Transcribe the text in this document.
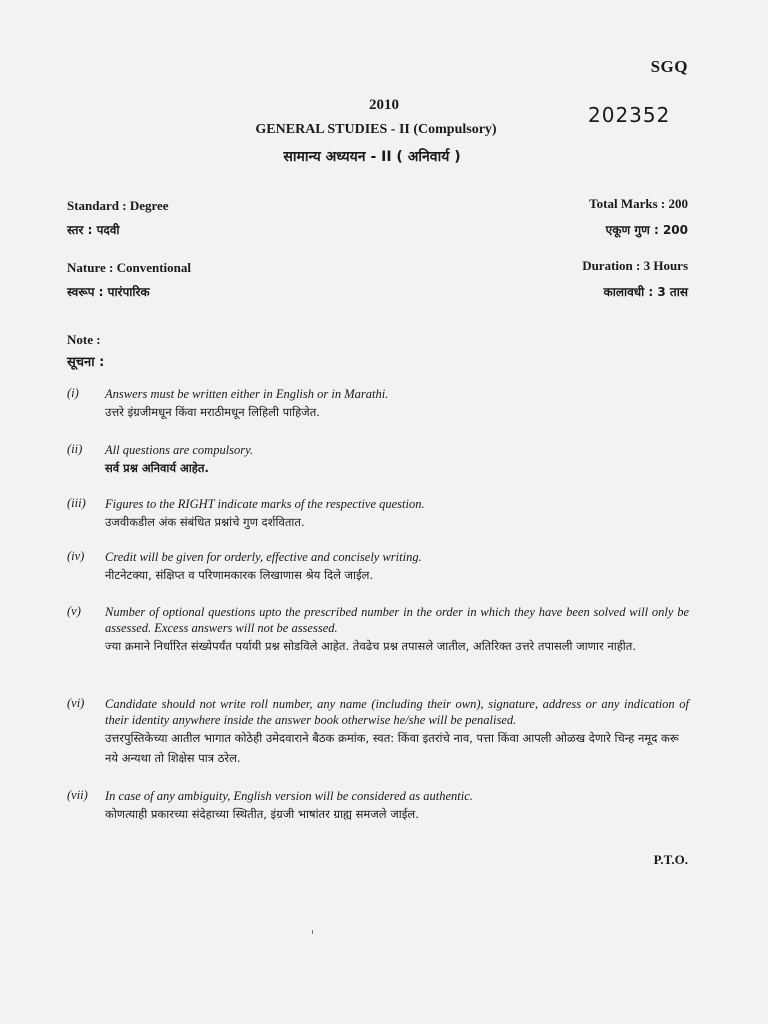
SGQ
2010	202352
GENERAL STUDIES - II (Compulsory)
सामान्य अध्ययन - II ( अनिवार्य )
Standard : Degree	Total Marks : 200
स्तर : पदवी	एकूण गुण : 200
Nature : Conventional	Duration : 3 Hours
स्वरूप : पारंपारिक	कालावधी : 3 तास
Note :
सूचना :
(i) Answers must be written either in English or in Marathi.
उत्तरे इंग्रजीमधून किंवा मराठीमधून लिहिली पाहिजेत.
(ii) All questions are compulsory.
सर्व प्रश्न अनिवार्य आहेत.
(iii) Figures to the RIGHT indicate marks of the respective question.
उजवीकडील अंक संबंधित प्रश्नांचे गुण दर्शवितात.
(iv) Credit will be given for orderly, effective and concisely writing.
नीटनेटक्या, संक्षिप्त व परिणामकारक लिखाणास श्रेय दिले जाईल.
(v) Number of optional questions upto the prescribed number in the order in which they have been solved will only be assessed. Excess answers will not be assessed.
ज्या क्रमाने निर्धारित संख्येपर्यंत पर्यायी प्रश्न सोडविले आहेत. तेवढेच प्रश्न तपासले जातील, अतिरिक्त उत्तरे तपासली जाणार नाहीत.
(vi) Candidate should not write roll number, any name (including their own), signature, address or any indication of their identity anywhere inside the answer book otherwise he/she will be penalised.
उत्तरपुस्तिकेच्या आतील भागात कोठेही उमेदवाराने बैठक क्रमांक, स्वत: किंवा इतरांचे नाव, पत्ता किंवा आपली ओळख देणारे चिन्ह नमूद करू नये अन्यथा तो शिक्षेस पात्र ठरेल.
(vii) In case of any ambiguity, English version will be considered as authentic.
कोणत्याही प्रकारच्या संदेहाच्या स्थितीत, इंग्रजी भाषांतर ग्राह्य समजले जाईल.
P.T.O.
